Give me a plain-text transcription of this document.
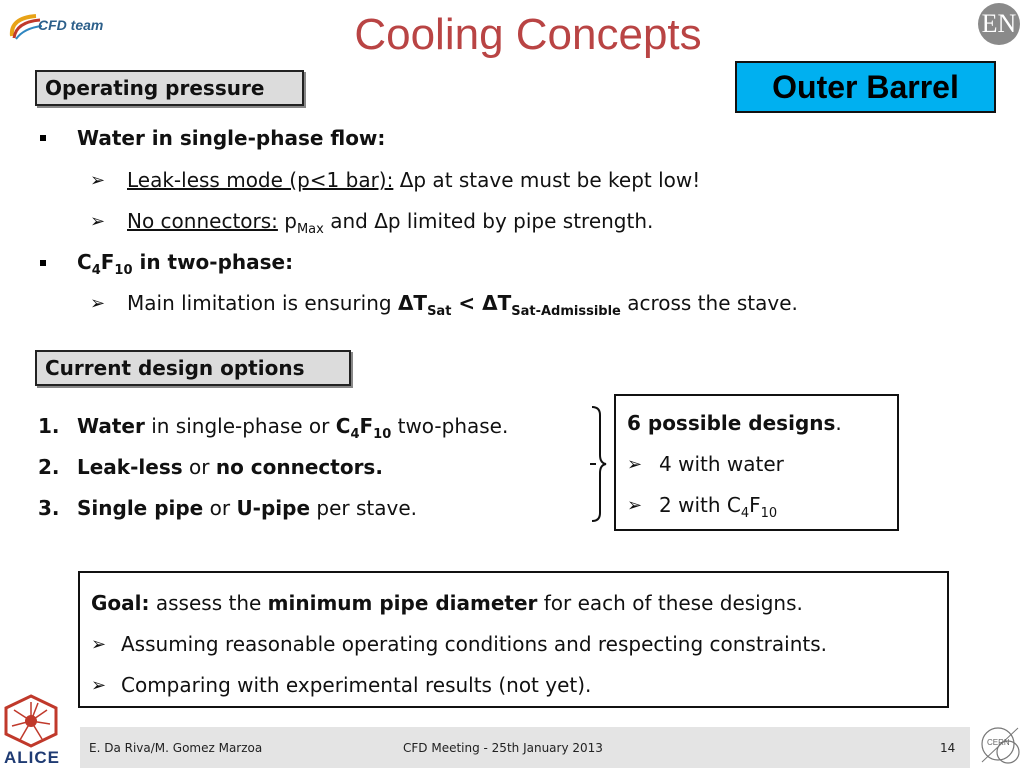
CFD team	Cooling Concepts	EN
Operating pressure	Outer Barrel
Water in single-phase flow:
➢ Leak-less mode (p<1 bar): Δp at stave must be kept low!
➢ No connectors: $p_{Max}$ and Δp limited by pipe strength.
$C_4F_{10}$ in two-phase:
➢ Main limitation is ensuring $\Delta T_{Sat} < \Delta T_{Sat-Admissible}$ across the stave.
Current design options
1. Water in single-phase or $C_4F_{10}$ two-phase.
2. Leak-less or no connectors.
3. Single pipe or U-pipe per stave.
6 possible designs.
➢ 4 with water
➢ 2 with $C_4F_{10}$
Goal: assess the minimum pipe diameter for each of these designs.
➢ Assuming reasonable operating conditions and respecting constraints.
➢ Comparing with experimental results (not yet).
ALICE E. Da Riva/M. Gomez Marzoa	CFD Meeting - 25th January 2013	14	CERN
